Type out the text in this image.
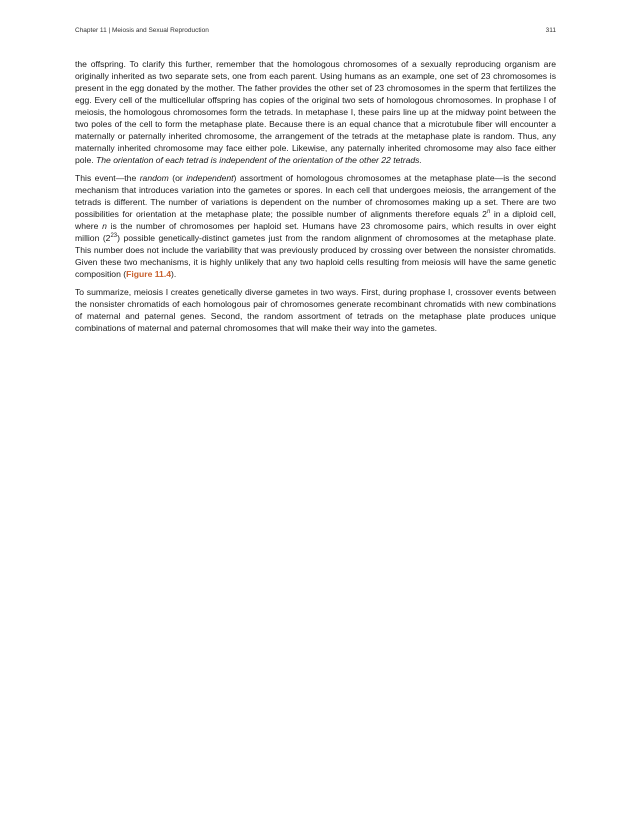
Chapter 11 | Meiosis and Sexual Reproduction	311

the offspring. To clarify this further, remember that the homologous chromosomes of a sexually reproducing organism are originally inherited as two separate sets, one from each parent. Using humans as an example, one set of 23 chromosomes is present in the egg donated by the mother. The father provides the other set of 23 chromosomes in the sperm that fertilizes the egg. Every cell of the multicellular offspring has copies of the original two sets of homologous chromosomes. In prophase I of meiosis, the homologous chromosomes form the tetrads. In metaphase I, these pairs line up at the midway point between the two poles of the cell to form the metaphase plate. Because there is an equal chance that a microtubule fiber will encounter a maternally or paternally inherited chromosome, the arrangement of the tetrads at the metaphase plate is random. Thus, any maternally inherited chromosome may face either pole. Likewise, any paternally inherited chromosome may also face either pole. The orientation of each tetrad is independent of the orientation of the other 22 tetrads.

This event—the random (or independent) assortment of homologous chromosomes at the metaphase plate—is the second mechanism that introduces variation into the gametes or spores. In each cell that undergoes meiosis, the arrangement of the tetrads is different. The number of variations is dependent on the number of chromosomes making up a set. There are two possibilities for orientation at the metaphase plate; the possible number of alignments therefore equals 2$^n$ in a diploid cell, where n is the number of chromosomes per haploid set. Humans have 23 chromosome pairs, which results in over eight million $(2^{23})$ possible genetically-distinct gametes just from the random alignment of chromosomes at the metaphase plate. This number does not include the variability that was previously produced by crossing over between the nonsister chromatids. Given these two mechanisms, it is highly unlikely that any two haploid cells resulting from meiosis will have the same genetic composition (Figure 11.4).

To summarize, meiosis I creates genetically diverse gametes in two ways. First, during prophase I, crossover events between the nonsister chromatids of each homologous pair of chromosomes generate recombinant chromatids with new combinations of maternal and paternal genes. Second, the random assortment of tetrads on the metaphase plate produces unique combinations of maternal and paternal chromosomes that will make their way into the gametes.
